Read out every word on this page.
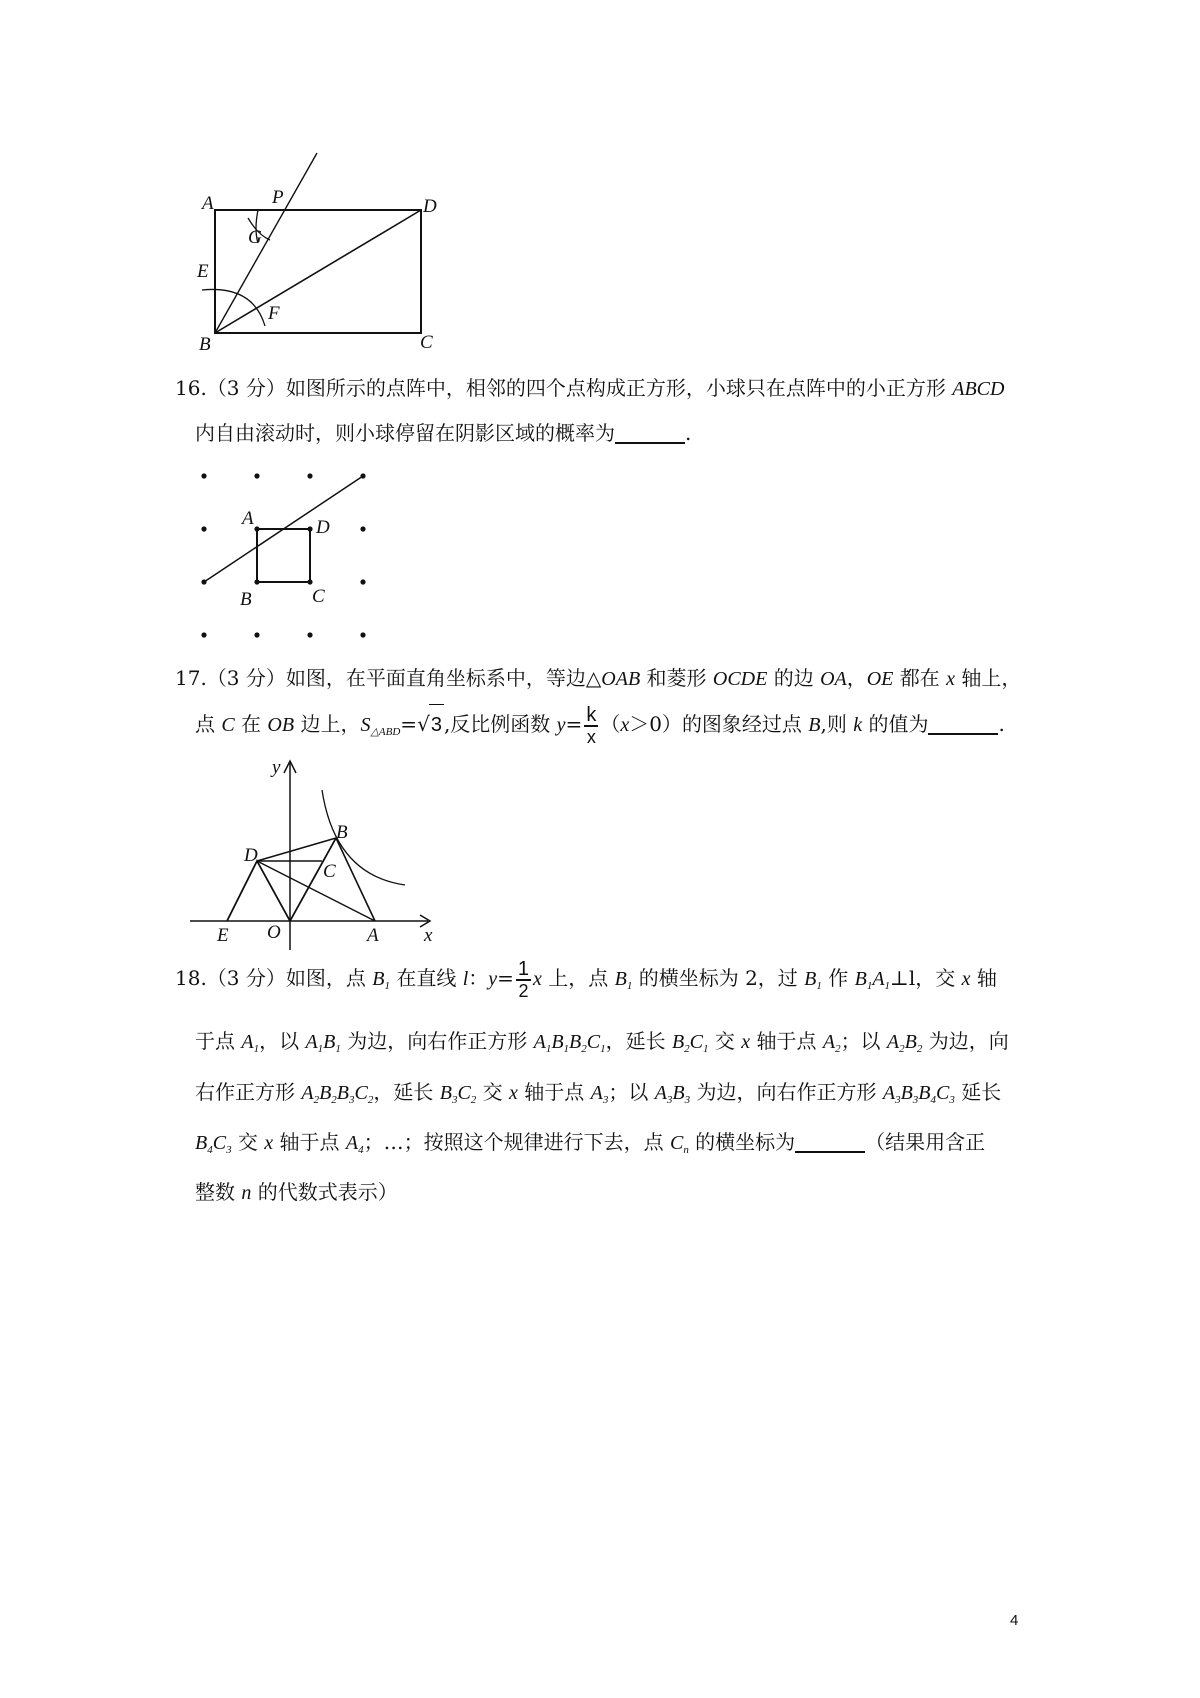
A	P	D
G
E
F
B	C
16.（3 分）如图所示的点阵中，相邻的四个点构成正方形，小球只在点阵中的小正方形 ABCD
内自由滚动时，则小球停留在阴影区域的概率为	.
A	D
B	C
17.（3 分）如图，在平面直角坐标系中，等边△OAB 和菱形 OCDE 的边 OA，OE 都在 x 轴上，
点 C 在 OB 边上，$S_{\triangle ABD}=√3$ ,反比例函数 $y= \frac{k}{x} (x>0)$的图象经过点 B,则 k 的值为	.
y
x
B
D
C
E O	A
18.（3 分）如图，点 $B_1$ 在直线 l：$y= \frac{1}{2}$ x 上，点 $B_1$ 的横坐标为 2，过 $B_1$ 作 $B_1A_1\perp l$，交 x 轴
于点 $A_1$，以 $A_1B_1$ 为边，向右作正方形 $A_1B_1B_2C_1$，延长 $B_2C_1$ 交 x 轴于点 $A_2$；以 $A_2B_2$ 为边，向
右作正方形 $A_2B_2B_3C_2$，延长 $B_3C_2$ 交 x 轴于点 $A_3$；以 $A_3B_3$ 为边，向右作正方形 $A_3B_3B_4C_3$ 延长
$B_4C_3$ 交 x 轴于点 $A_4$；…；按照这个规律进行下去，点 $C_n$ 的横坐标为	（结果用含正
整数 n 的代数式表示）
4
